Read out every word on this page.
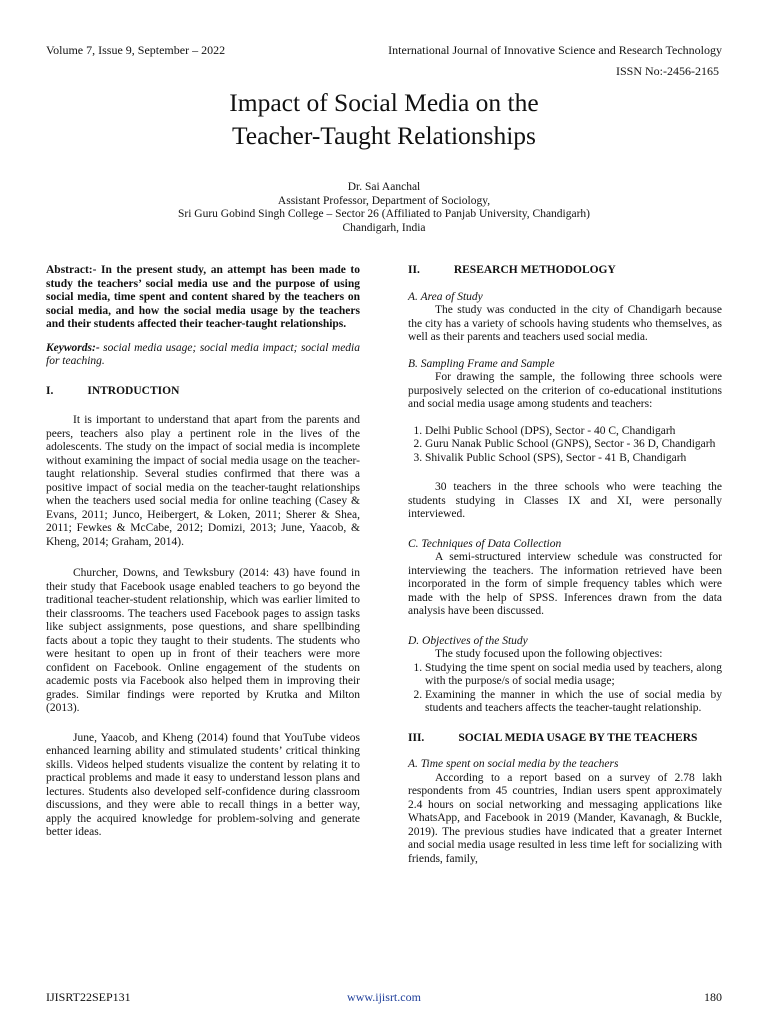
Volume 7, Issue 9, September – 2022	International Journal of Innovative Science and Research Technology
ISSN No:-2456-2165
Impact of Social Media on the
Teacher-Taught Relationships
Dr. Sai Aanchal
Assistant Professor, Department of Sociology,
Sri Guru Gobind Singh College – Sector 26 (Affiliated to Panjab University, Chandigarh)
Chandigarh, India

Abstract:- In the present study, an attempt has been made to study the teachers’ social media use and the purpose of using social media, time spent and content shared by the teachers on social media, and how the social media usage by the teachers and their students affected their teacher-taught relationships.

Keywords:- social media usage; social media impact; social media for teaching.

I.	INTRODUCTION

It is important to understand that apart from the parents and peers, teachers also play a pertinent role in the lives of the adolescents. The study on the impact of social media is incomplete without examining the impact of social media usage on the teacher-taught relationship. Several studies confirmed that there was a positive impact of social media on the teacher-taught relationships when the teachers used social media for online teaching (Casey & Evans, 2011; Junco, Heibergert, & Loken, 2011; Sherer & Shea, 2011; Fewkes & McCabe, 2012; Domizi, 2013; June, Yaacob, & Kheng, 2014; Graham, 2014).

Churcher, Downs, and Tewksbury (2014: 43) have found in their study that Facebook usage enabled teachers to go beyond the traditional teacher-student relationship, which was earlier limited to their classrooms. The teachers used Facebook pages to assign tasks like subject assignments, pose questions, and share spellbinding facts about a topic they taught to their students. The students who were hesitant to open up in front of their teachers were more confident on Facebook. Online engagement of the students on academic posts via Facebook also helped them in improving their grades. Similar findings were reported by Krutka and Milton (2013).

June, Yaacob, and Kheng (2014) found that YouTube videos enhanced learning ability and stimulated students’ critical thinking skills. Videos helped students visualize the content by relating it to practical problems and made it easy to understand lesson plans and lectures. Students also developed self-confidence during classroom discussions, and they were able to recall things in a better way, apply the acquired knowledge for problem-solving and generate better ideas.

II.	RESEARCH METHODOLOGY

A. Area of Study

The study was conducted in the city of Chandigarh because the city has a variety of schools having students who themselves, as well as their parents and teachers used social media.

B. Sampling Frame and Sample

For drawing the sample, the following three schools were purposively selected on the criterion of co-educational institutions and social media usage among students and teachers:

1. Delhi Public School (DPS), Sector - 40 C, Chandigarh
2. Guru Nanak Public School (GNPS), Sector - 36 D, Chandigarh
3. Shivalik Public School (SPS), Sector - 41 B, Chandigarh

30 teachers in the three schools who were teaching the students studying in Classes IX and XI, were personally interviewed.

C. Techniques of Data Collection

A semi-structured interview schedule was constructed for interviewing the teachers. The information retrieved have been incorporated in the form of simple frequency tables which were made with the help of SPSS. Inferences drawn from the data analysis have been discussed.

D. Objectives of the Study

The study focused upon the following objectives:

1. Studying the time spent on social media used by teachers, along with the purpose/s of social media usage;
2. Examining the manner in which the use of social media by students and teachers affects the teacher-taught relationship.

III.	SOCIAL MEDIA USAGE BY THE TEACHERS

A. Time spent on social media by the teachers

According to a report based on a survey of 2.78 lakh respondents from 45 countries, Indian users spent approximately 2.4 hours on social networking and messaging applications like WhatsApp, and Facebook in 2019 (Mander, Kavanagh, & Buckle, 2019). The previous studies have indicated that a greater Internet and social media usage resulted in less time left for socializing with friends, family,

IJISRT22SEP131	www.ijisrt.com	180
